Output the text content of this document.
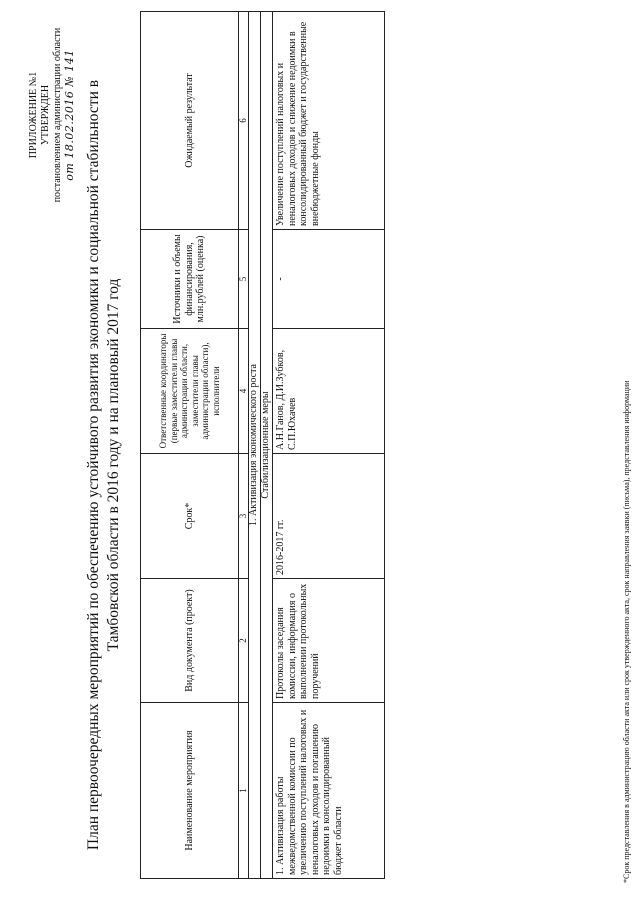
ПРИЛОЖЕНИЕ №1 УТВЕРЖДЕН постановлением администрации области от 18.02.2016 № 141 План первоочередных мероприятий по обеспечению устойчивого развития экономики и социальной стабильности в Тамбовской области в 2016 году и на плановый 2017 год
Наименование мероприятия	Вид документа (проект)	Срок*	Ответственные координаторы (первые заместители главы администрации области, заместители главы администрации области), исполнители	Источники и объемы финансирования, млн.рублей (оценка)	Ожидаемый результат
1	2	3	4	5	6
1. Активизация экономического роста					
Стабилизационные меры					
1. Активизация работы межведомственной комиссии по увеличению поступлений налоговых и неналоговых доходов и погашению недоимки в консолидированный бюджет области	Протоколы заседания комиссии, информация о выполнении протокольных поручений	2016-2017 гг.	А.Н.Ганов, Д.И.Зубков, С.П.Юхачев	-	Увеличение поступлений налоговых и неналоговых доходов и снижение недоимки в консолидированный бюджет и государственные внебюджетные фонды
*Срок представления в администрацию области акта или срок утвержденного акта, срок направления заявки (письма), представления информации
